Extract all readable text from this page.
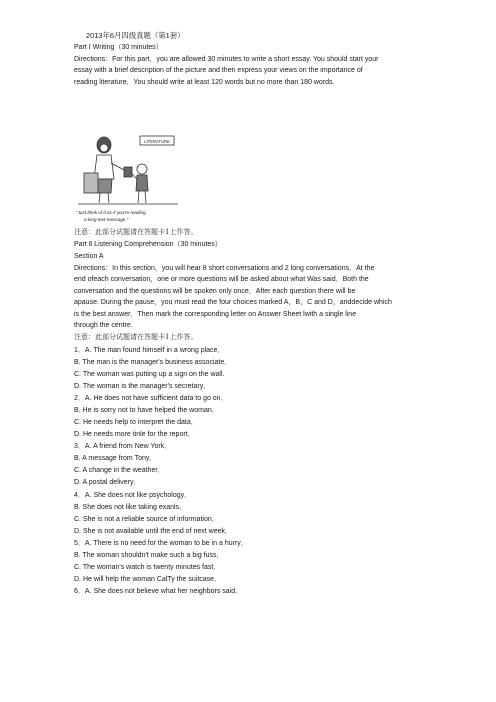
2013年6月四级真题（第1套）
Part Ⅰ Writing（30 minutes）
Directions：For this part，you are allowed 30 minutes to write a short essay. You should start your
essay with a brief description of the picture and then express your views on the importance of
reading literature．You should write at least 120 words but no more than 180 words.
LITERATURE
"Just think of it as if you're reading
a long text-message."
注意：此部分试题请在答题卡1上作答。
Part Ⅱ Listening Comprehension（30 minutes）
Section A
Directions：In this section，you will hear 8 short conversations and 2 long conversations．At the
end ofeach conversation，one or more questions will be asked about what Was said．Both the
conversation and the questions will be spoken only once．After each question there will be
apause. During the pause，you must read the four choices marked A，B，C and D，anddecide which
is the best answer．Then mark the corresponding letter on Answer Sheet lwith a single line
through the centre.
注意：此部分试题请在答题卡1上作答。
1．A. The man found himself in a wrong place．
B. The man is the manager's business associate．
C. The woman was putting up a sign on the wall.
D. The woman is the manager's secretary．
2．A. He does not have sufficient data to go on．
B. He is sorry not to have helped the woman．
C. He needs help to interpret the data．
D. He needs more tinle for the report．
3．A. A friend from New York．
B. A message from Tony．
C. A change in the weather．
D. A postal delivery．
4．A. She does not like psychology．
B. She does not like taking exanls．
C. She is not a reliable source of information．
D. She is not available until the end of next week．
5．A. There is no need for the woman to be in a hurry．
B. The woman shouldn't make such a big fuss．
C. The woman's watch is twenty minutes fast．
D. He will help the woman CalTy the suitcase．
6．A. She does not believe what her neighbors said．
